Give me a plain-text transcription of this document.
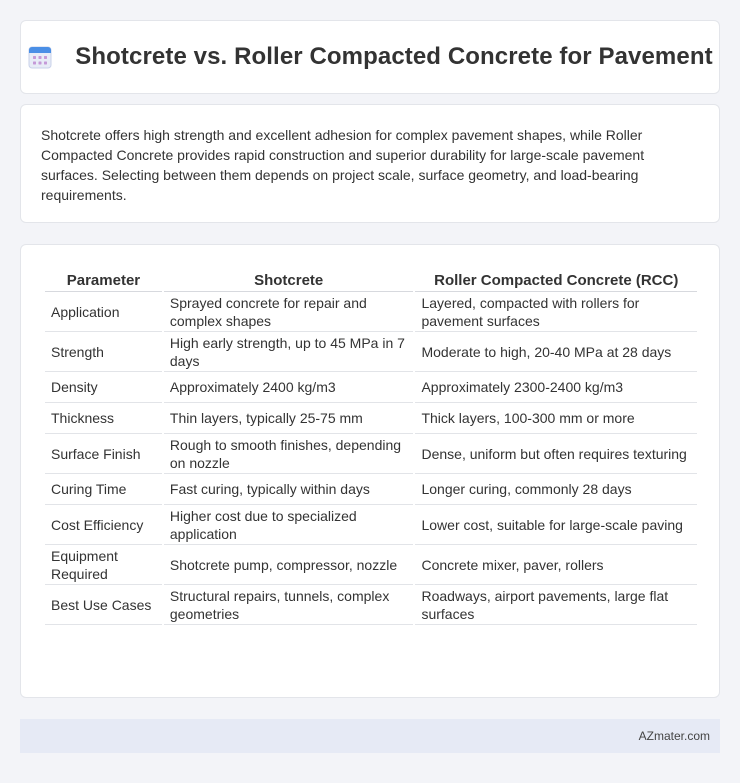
Shotcrete vs. Roller Compacted Concrete for Pavement

Shotcrete offers high strength and excellent adhesion for complex pavement shapes, while Roller Compacted Concrete provides rapid construction and superior durability for large-scale pavement surfaces. Selecting between them depends on project scale, surface geometry, and load-bearing requirements.

Parameter	Shotcrete	Roller Compacted Concrete (RCC)
Application	Sprayed concrete for repair and complex shapes	Layered, compacted with rollers for pavement surfaces
Strength	High early strength, up to 45 MPa in 7 days	Moderate to high, 20-40 MPa at 28 days
Density	Approximately 2400 kg/m3	Approximately 2300-2400 kg/m3
Thickness	Thin layers, typically 25-75 mm	Thick layers, 100-300 mm or more
Surface Finish	Rough to smooth finishes, depending on nozzle	Dense, uniform but often requires texturing
Curing Time	Fast curing, typically within days	Longer curing, commonly 28 days
Cost Efficiency	Higher cost due to specialized application	Lower cost, suitable for large-scale paving
Equipment Required	Shotcrete pump, compressor, nozzle	Concrete mixer, paver, rollers
Best Use Cases	Structural repairs, tunnels, complex geometries	Roadways, airport pavements, large flat surfaces
AZmater.com
